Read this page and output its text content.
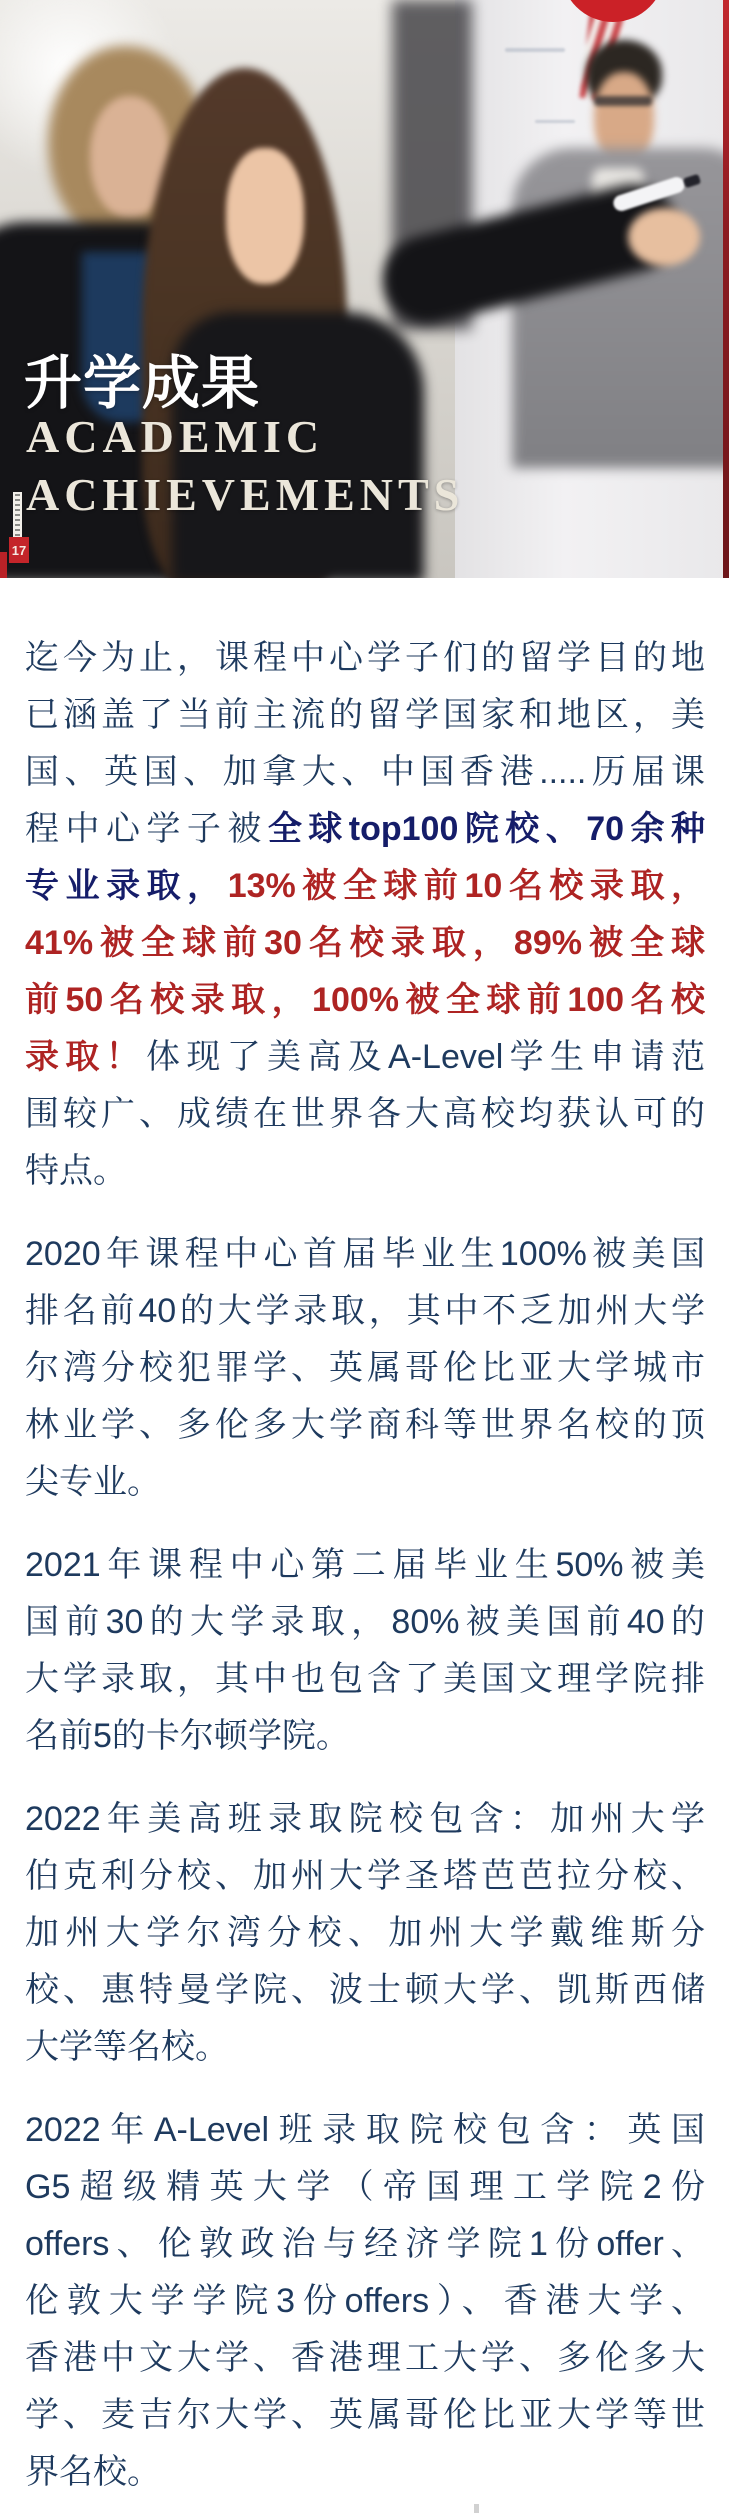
17
升学成果
ACADEMIC
ACHIEVEMENTS
迄今为止，课程中心学子们的留学目的地
已涵盖了当前主流的留学国家和地区，美
国、英国、加拿大、中国香港.....历届课
程中心学子被全球top100院校、70余种
专业录取，13%被全球前10名校录取，
41%被全球前30名校录取，89%被全球
前50名校录取，100%被全球前100名校
录取！体现了美高及A-Level学生申请范
围较广、成绩在世界各大高校均获认可的
特点。
2020年课程中心首届毕业生100%被美国
排名前40的大学录取，其中不乏加州大学
尔湾分校犯罪学、英属哥伦比亚大学城市
林业学、多伦多大学商科等世界名校的顶
尖专业。
2021年课程中心第二届毕业生50%被美
国前30的大学录取，80%被美国前40的
大学录取，其中也包含了美国文理学院排
名前5的卡尔顿学院。
2022年美高班录取院校包含：加州大学
伯克利分校、加州大学圣塔芭芭拉分校、
加州大学尔湾分校、加州大学戴维斯分
校、惠特曼学院、波士顿大学、凯斯西储
大学等名校。
2022年A-Level班录取院校包含：英国
G5超级精英大学（帝国理工学院2份
offers、伦敦政治与经济学院1份offer、
伦敦大学学院3份offers）、香港大学、
香港中文大学、香港理工大学、多伦多大
学、麦吉尔大学、英属哥伦比亚大学等世
界名校。
